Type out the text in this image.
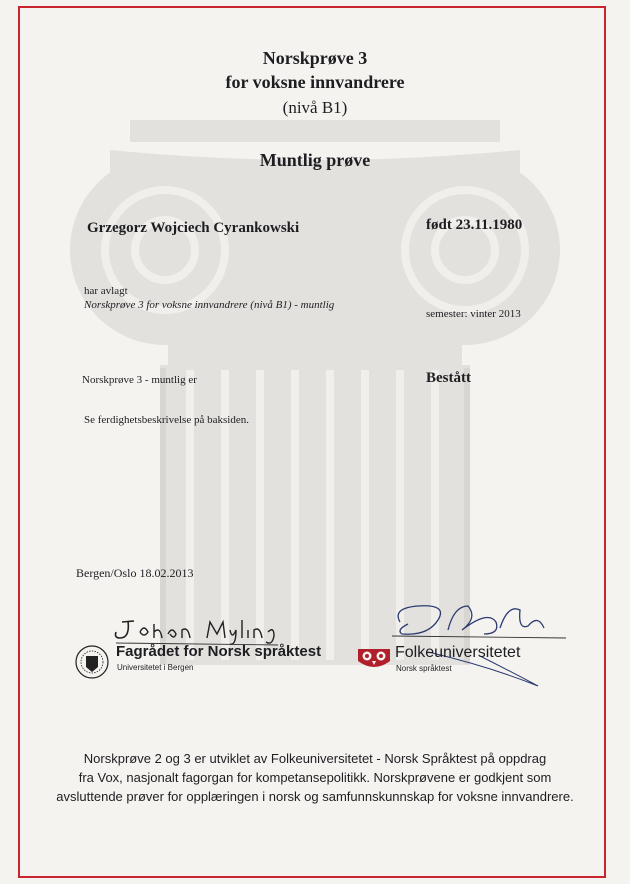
Norskprøve 3
for voksne innvandrere
(nivå B1)
Muntlig prøve
Grzegorz Wojciech Cyrankowski	født 23.11.1980
har avlagt
Norskprøve 3 for voksne innvandrere (nivå B1) - muntlig
semester: vinter 2013
Norskprøve 3 - muntlig er	Bestått
Se ferdighetsbeskrivelse på baksiden.
Bergen/Oslo 18.02.2013
Fagrådet for Norsk språktest
Universitetet i Bergen
Folkeuniversitetet
Norsk språktest
Norskprøve 2 og 3 er utviklet av Folkeuniversitetet - Norsk Språktest på oppdrag
fra Vox, nasjonalt fagorgan for kompetansepolitikk. Norskprøvene er godkjent som
avsluttende prøver for opplæringen i norsk og samfunnskunnskap for voksne innvandrere.
